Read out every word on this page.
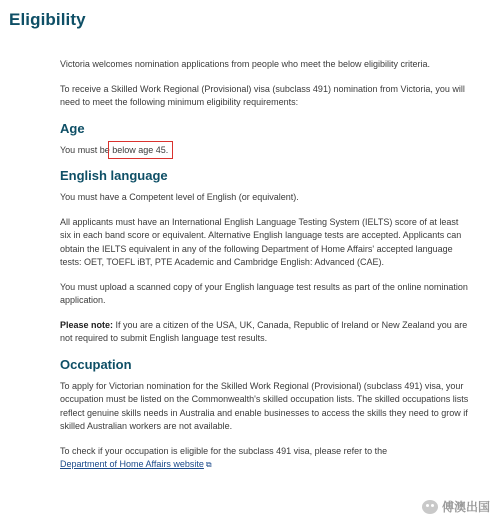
Eligibility

Victoria welcomes nomination applications from people who meet the below eligibility criteria.

To receive a Skilled Work Regional (Provisional) visa (subclass 491) nomination from Victoria, you will need to meet the following minimum eligibility requirements:

Age

You must be below age 45.

English language

You must have a Competent level of English (or equivalent).

All applicants must have an International English Language Testing System (IELTS) score of at least six in each band score or equivalent. Alternative English language tests are accepted. Applicants can obtain the IELTS equivalent in any of the following Department of Home Affairs' accepted language tests: OET, TOEFL iBT, PTE Academic and Cambridge English: Advanced (CAE).

You must upload a scanned copy of your English language test results as part of the online nomination application.

Please note: If you are a citizen of the USA, UK, Canada, Republic of Ireland or New Zealand you are not required to submit English language test results.

Occupation

To apply for Victorian nomination for the Skilled Work Regional (Provisional) (subclass 491) visa, your occupation must be listed on the Commonwealth's skilled occupation lists. The skilled occupations lists reflect genuine skills needs in Australia and enable businesses to access the skills they need to grow if skilled Australian workers are not available.

To check if your occupation is eligible for the subclass 491 visa, please refer to the
Department of Home Affairs website ⧉

傅澳出国
